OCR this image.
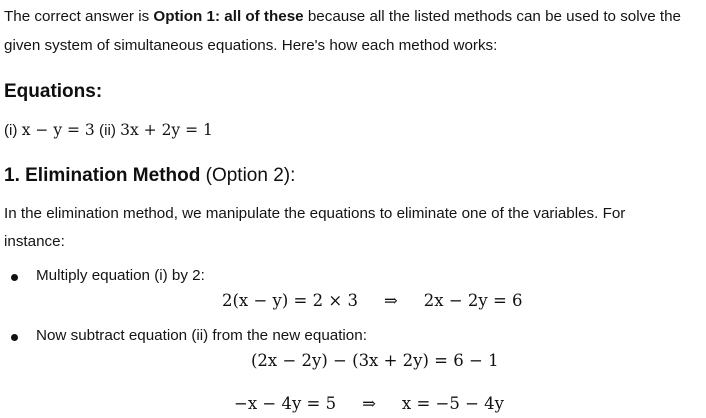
The correct answer is Option 1: all of these because all the listed methods can be used to solve the
given system of simultaneous equations. Here's how each method works:
Equations:
(i) x − y = 3 (ii) 3x + 2y = 1
1. Elimination Method (Option 2):
In the elimination method, we manipulate the equations to eliminate one of the variables. For
instance:
Multiply equation (i) by 2:
2(x − y) = 2 × 3 ⇒ 2x − 2y = 6
Now subtract equation (ii) from the new equation:
(2x − 2y) − (3x + 2y) = 6 − 1
−x − 4y = 5 ⇒ x = −5 − 4y
